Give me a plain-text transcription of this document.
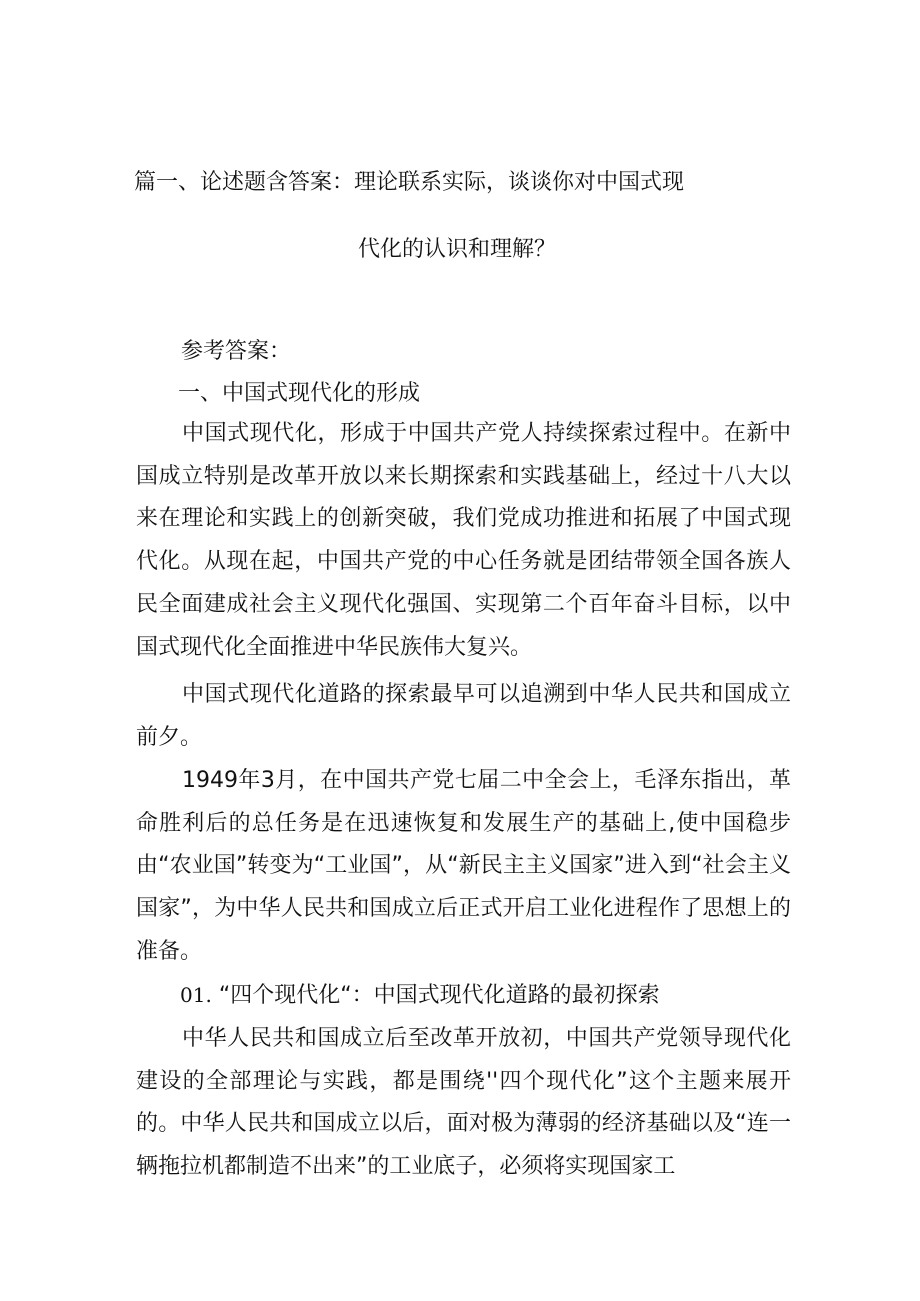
篇一、论述题含答案：理论联系实际，谈谈你对中国式现
代化的认识和理解？
参考答案：
一、中国式现代化的形成
中国式现代化，形成于中国共产党人持续探索过程中。在新中国成立特别是改革开放以来长期探索和实践基础上，经过十八大以来在理论和实践上的创新突破，我们党成功推进和拓展了中国式现代化。从现在起，中国共产党的中心任务就是团结带领全国各族人民全面建成社会主义现代化强国、实现第二个百年奋斗目标，以中国式现代化全面推进中华民族伟大复兴。
中国式现代化道路的探索最早可以追溯到中华人民共和国成立前夕。
1949年3月，在中国共产党七届二中全会上，毛泽东指出，革命胜利后的总任务是在迅速恢复和发展生产的基础上,使中国稳步由“农业国”转变为“工业国”，从“新民主主义国家”进入到“社会主义国家”，为中华人民共和国成立后正式开启工业化进程作了思想上的准备。
01. “四个现代化“：中国式现代化道路的最初探索
中华人民共和国成立后至改革开放初，中国共产党领导现代化建设的全部理论与实践，都是围绕''四个现代化”这个主题来展开的。中华人民共和国成立以后，面对极为薄弱的经济基础以及“连一辆拖拉机都制造不出来”的工业底子，必须将实现国家工
